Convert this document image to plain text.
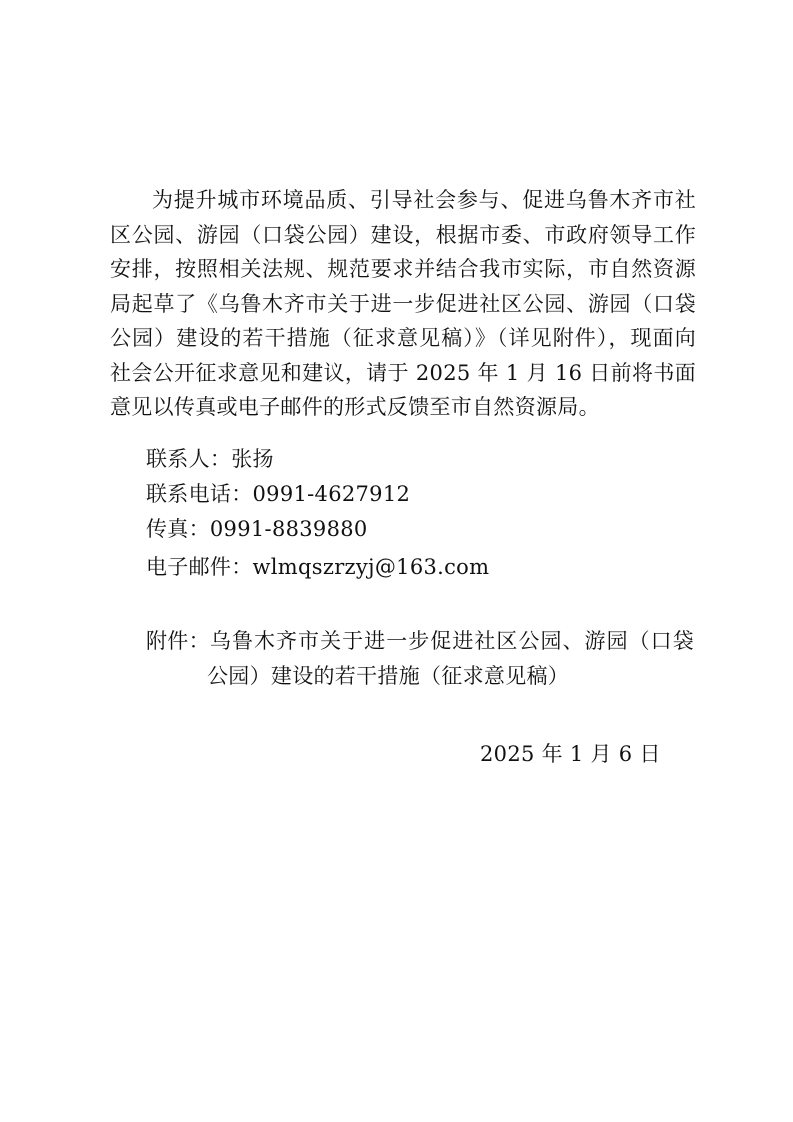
为提升城市环境品质、引导社会参与、促进乌鲁木齐市社区公园、游园（口袋公园）建设，根据市委、市政府领导工作安排，按照相关法规、规范要求并结合我市实际，市自然资源局起草了《乌鲁木齐市关于进一步促进社区公园、游园（口袋公园）建设的若干措施（征求意见稿）》（详见附件），现面向社会公开征求意见和建议，请于 2025 年 1 月 16 日前将书面意见以传真或电子邮件的形式反馈至市自然资源局。

联系人：张扬

联系电话：0991-4627912

传真：0991-8839880

电子邮件：wlmqszrzyj@163.com

附件： 乌鲁木齐市关于进一步促进社区公园、游园（口袋公园）建设的若干措施（征求意见稿）

2025 年 1 月 6 日
